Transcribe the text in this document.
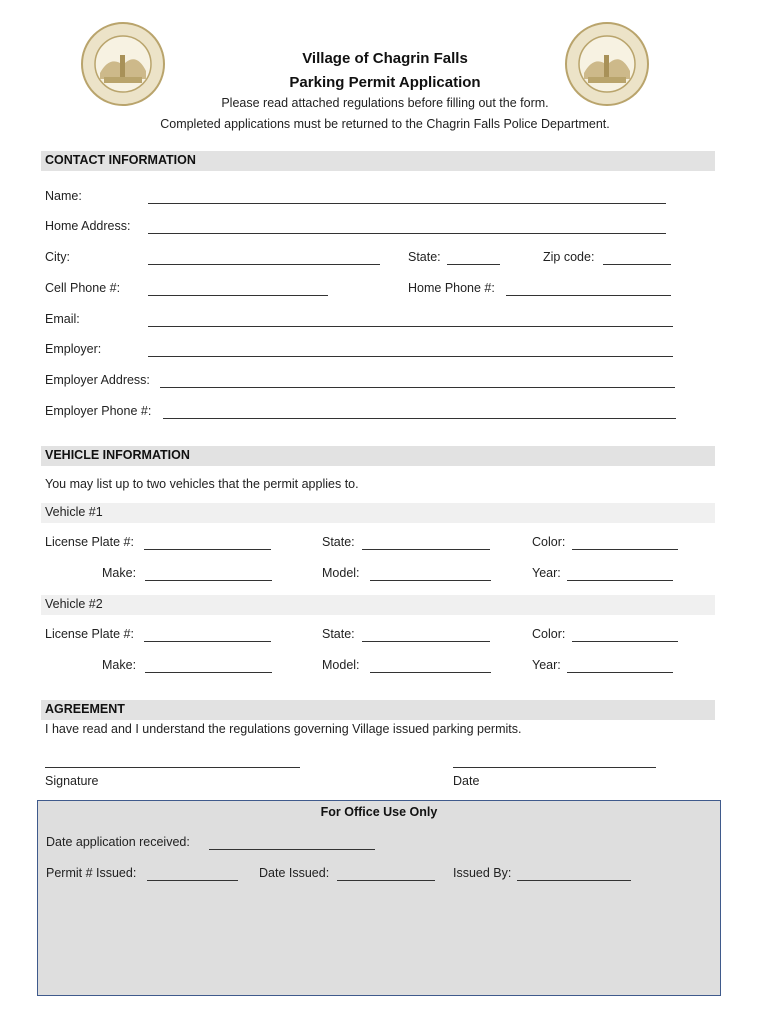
Village of Chagrin Falls
Parking Permit Application
Please read attached regulations before filling out the form.
Completed applications must be returned to the Chagrin Falls Police Department.
CONTACT INFORMATION
Name:
Home Address:
City:	State:	Zip code:
Cell Phone #:	Home Phone #:
Email:
Employer:
Employer Address:
Employer Phone #:
VEHICLE INFORMATION
You may list up to two vehicles that the permit applies to.
Vehicle #1
License Plate #:	State:	Color:
Make:	Model:	Year:
Vehicle #2
License Plate #:	State:	Color:
Make:	Model:	Year:
AGREEMENT
I have read and I understand the regulations governing Village issued parking permits.
Signature	Date
For Office Use Only
Date application received:
Permit # Issued:	Date Issued:	Issued By:
